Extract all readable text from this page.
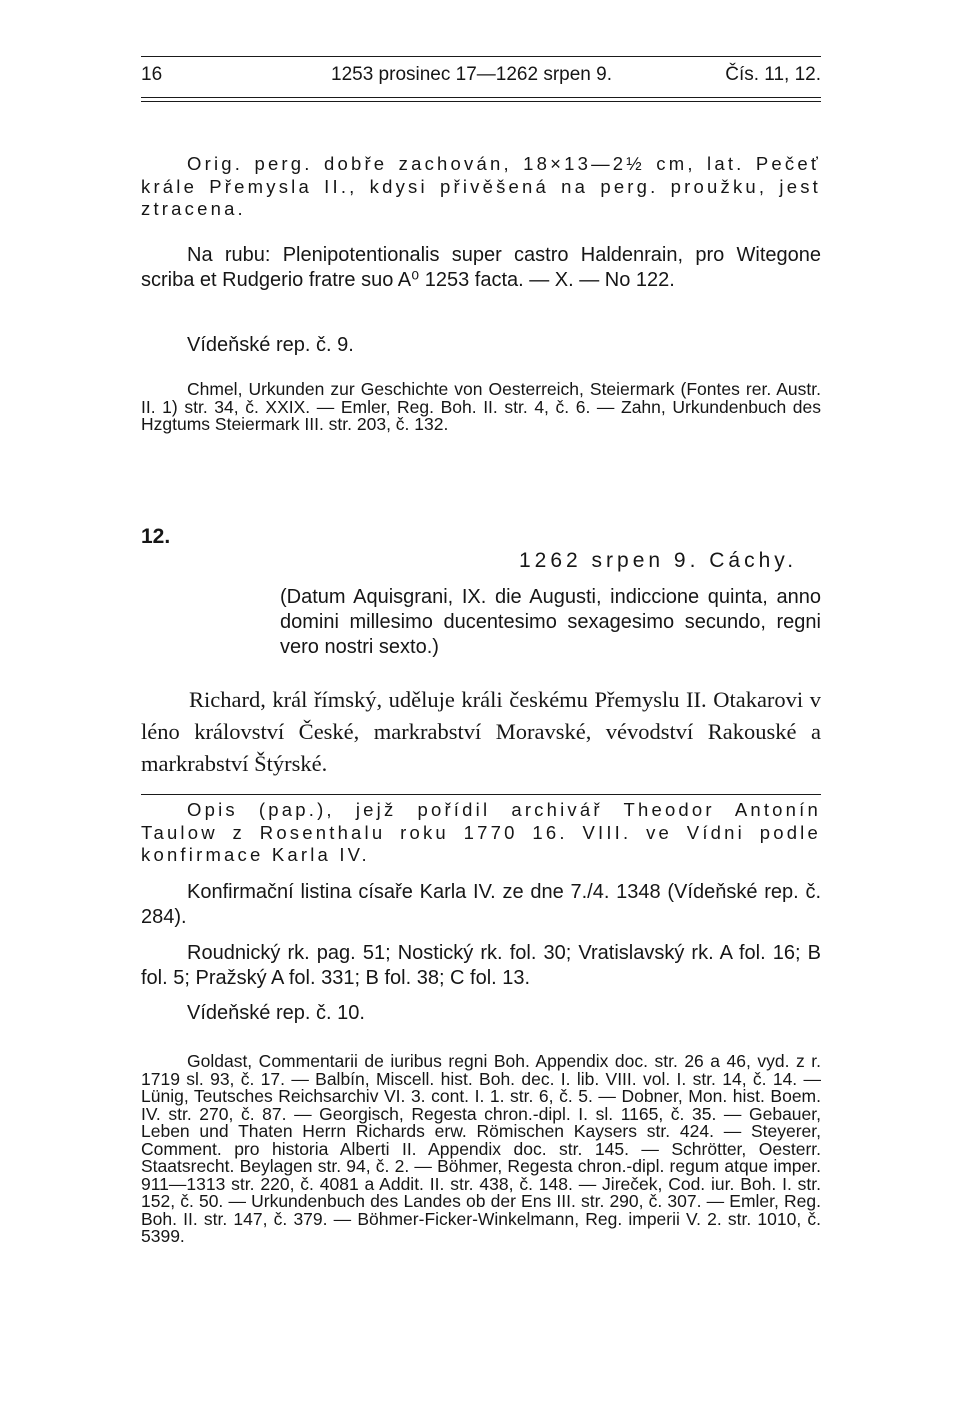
16	1253 prosinec 17—1262 srpen 9.	Čís. 11, 12.

Orig. perg. dobře zachován, 18×13—2½ cm, lat. Pečeť krále Přemysla II., kdysi přivěšená na perg. proužku, jest ztracena.

Na rubu: Plenipotentionalis super castro Haldenrain, pro Witegone scriba et Rudgerio fratre suo A⁰ 1253 facta. — X. — No 122.

Vídeňské rep. č. 9.

Chmel, Urkunden zur Geschichte von Oesterreich, Steiermark (Fontes rer. Austr. II. 1) str. 34, č. XXIX. — Emler, Reg. Boh. II. str. 4, č. 6. — Zahn, Urkundenbuch des Hzgtums Steiermark III. str. 203, č. 132.

12.
1262 srpen 9. Cáchy.

(Datum Aquisgrani, IX. die Augusti, indiccione quinta, anno domini millesimo ducentesimo sexagesimo secundo, regni vero nostri sexto.)

Richard, král římský, uděluje králi českému Přemyslu II. Otakarovi v léno království České, markrabství Moravské, vévodství Rakouské a markrabství Štýrské.

Opis (pap.), jejž pořídil archivář Theodor Antonín Taulow z Rosenthalu roku 1770 16. VIII. ve Vídni podle konfirmace Karla IV.

Konfirmační listina císaře Karla IV. ze dne 7./4. 1348 (Vídeňské rep. č. 284).

Roudnický rk. pag. 51; Nostický rk. fol. 30; Vratislavský rk. A fol. 16; B fol. 5; Pražský A fol. 331; B fol. 38; C fol. 13.

Vídeňské rep. č. 10.

Goldast, Commentarii de iuribus regni Boh. Appendix doc. str. 26 a 46, vyd. z r. 1719 sl. 93, č. 17. — Balbín, Miscell. hist. Boh. dec. I. lib. VIII. vol. I. str. 14, č. 14. — Lünig, Teutsches Reichsarchiv VI. 3. cont. I. 1. str. 6, č. 5. — Dobner, Mon. hist. Boem. IV. str. 270, č. 87. — Georgisch, Regesta chron.-dipl. I. sl. 1165, č. 35. — Gebauer, Leben und Thaten Herrn Richards erw. Römischen Kaysers str. 424. — Steyerer, Comment. pro historia Alberti II. Appendix doc. str. 145. — Schrötter, Oesterr. Staatsrecht. Beylagen str. 94, č. 2. — Böhmer, Regesta chron.-dipl. regum atque imper. 911—1313 str. 220, č. 4081 a Addit. II. str. 438, č. 148. — Jireček, Cod. iur. Boh. I. str. 152, č. 50. — Urkundenbuch des Landes ob der Ens III. str. 290, č. 307. — Emler, Reg. Boh. II. str. 147, č. 379. — Böhmer-Ficker-Winkelmann, Reg. imperii V. 2. str. 1010, č. 5399.
